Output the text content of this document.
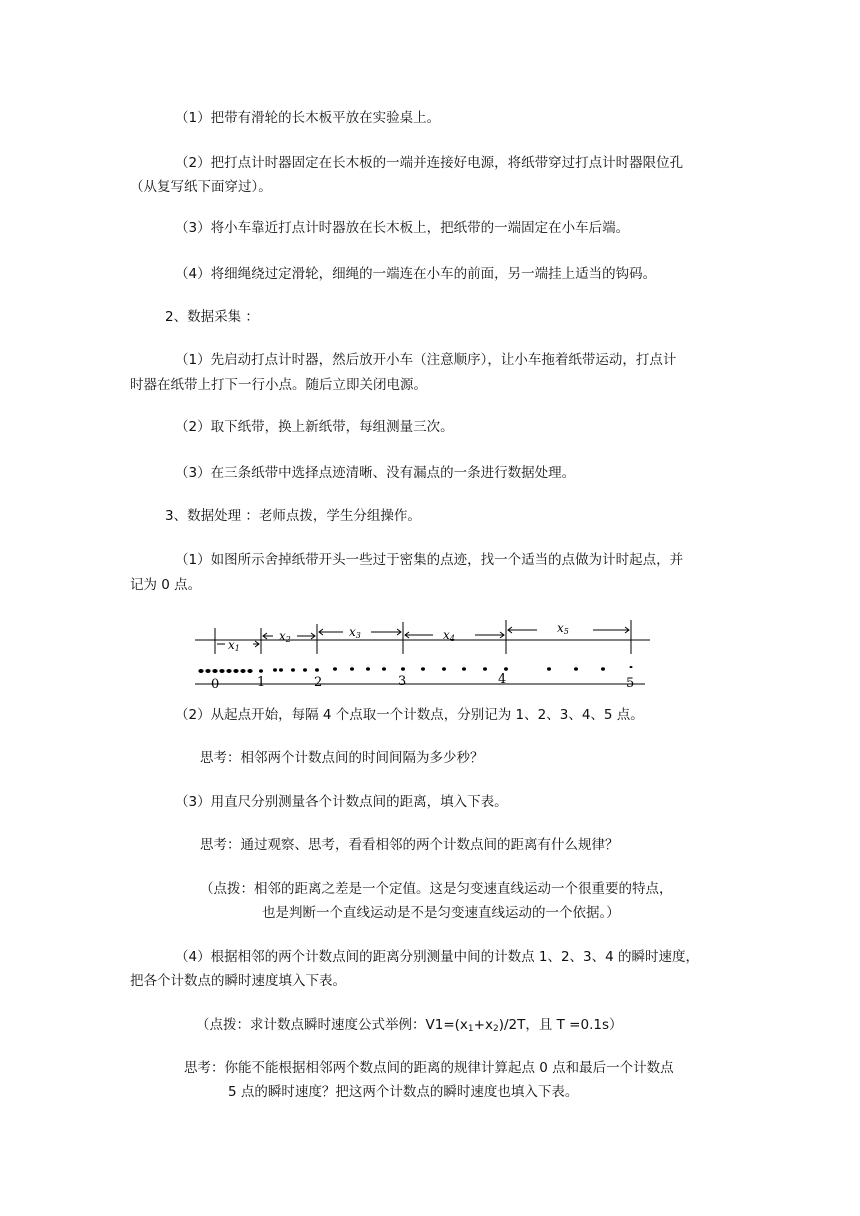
（1）把带有滑轮的长木板平放在实验桌上。
（2）把打点计时器固定在长木板的一端并连接好电源，将纸带穿过打点计时器限位孔
（从复写纸下面穿过）。
（3）将小车靠近打点计时器放在长木板上，把纸带的一端固定在小车后端。
（4）将细绳绕过定滑轮，细绳的一端连在小车的前面，另一端挂上适当的钩码。
2、数据采集 ：
（1）先启动打点计时器，然后放开小车（注意顺序），让小车拖着纸带运动，打点计
时器在纸带上打下一行小点。随后立即关闭电源。
（2）取下纸带，换上新纸带，每组测量三次。
（3）在三条纸带中选择点迹清晰、没有漏点的一条进行数据处理。
3、数据处理 ：老师点拨，学生分组操作。
（1）如图所示舍掉纸带开头一些过于密集的点迹，找一个适当的点做为计时起点，并
记为 0 点。
x1
x2
x3	x4
x5
0	1	2	3	4	5
（2）从起点开始，每隔 4 个点取一个计数点，分别记为 1、2、3、4、5 点。
思考：相邻两个计数点间的时间间隔为多少秒？
（3）用直尺分别测量各个计数点间的距离，填入下表。
思考：通过观察、思考，看看相邻的两个计数点间的距离有什么规律？
（点拨：相邻的距离之差是一个定值。这是匀变速直线运动一个很重要的特点，
也是判断一个直线运动是不是匀变速直线运动的一个依据。）
（4）根据相邻的两个计数点间的距离分别测量中间的计数点 1、2、3、4 的瞬时速度，
把各个计数点的瞬时速度填入下表。
（点拨：求计数点瞬时速度公式举例：$V1=(x_1+x_2)/2T$，且 T =0.1s）
思考：你能不能根据相邻两个数点间的距离的规律计算起点 0 点和最后一个计数点
5 点的瞬时速度？把这两个计数点的瞬时速度也填入下表。
